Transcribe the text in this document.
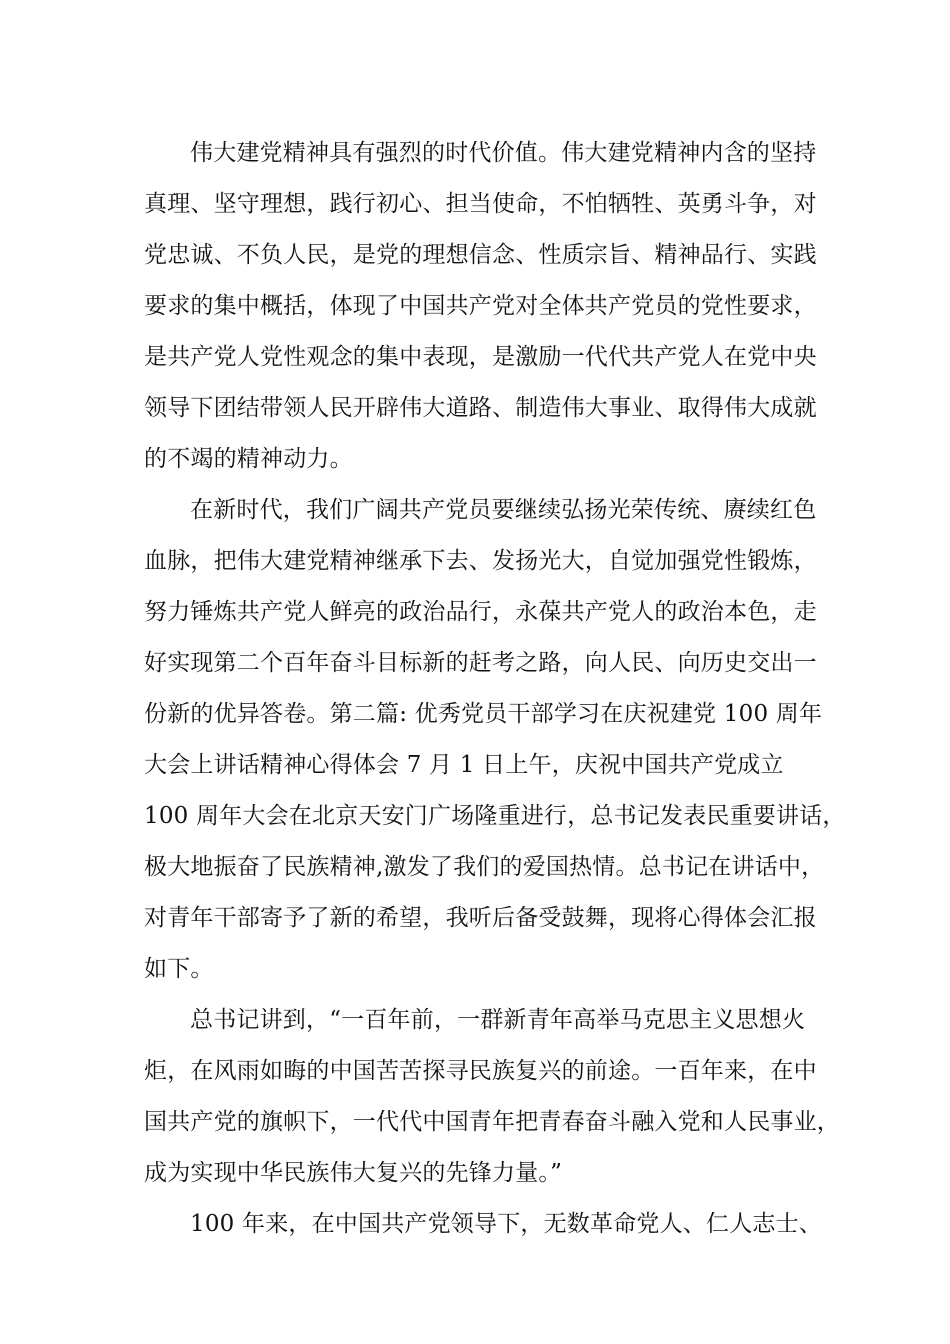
伟大建党精神具有强烈的时代价值。伟大建党精神内含的坚持
真理、坚守理想，践行初心、担当使命，不怕牺牲、英勇斗争，对
党忠诚、不负人民，是党的理想信念、性质宗旨、精神品行、实践
要求的集中概括，体现了中国共产党对全体共产党员的党性要求，
是共产党人党性观念的集中表现，是激励一代代共产党人在党中央
领导下团结带领人民开辟伟大道路、制造伟大事业、取得伟大成就
的不竭的精神动力。
在新时代，我们广阔共产党员要继续弘扬光荣传统、赓续红色
血脉，把伟大建党精神继承下去、发扬光大，自觉加强党性锻炼，
努力锤炼共产党人鲜亮的政治品行，永葆共产党人的政治本色，走
好实现第二个百年奋斗目标新的赶考之路，向人民、向历史交出一
份新的优异答卷。第二篇: 优秀党员干部学习在庆祝建党 100 周年
大会上讲话精神心得体会 7 月 1 日上午，庆祝中国共产党成立
100 周年大会在北京天安门广场隆重进行，总书记发表民重要讲话，
极大地振奋了民族精神,激发了我们的爱国热情。总书记在讲话中，
对青年干部寄予了新的希望，我听后备受鼓舞，现将心得体会汇报
如下。
总书记讲到，“一百年前，一群新青年高举马克思主义思想火
炬，在风雨如晦的中国苦苦探寻民族复兴的前途。一百年来，在中
国共产党的旗帜下，一代代中国青年把青春奋斗融入党和人民事业，
成为实现中华民族伟大复兴的先锋力量。”
100 年来，在中国共产党领导下，无数革命党人、仁人志士、
